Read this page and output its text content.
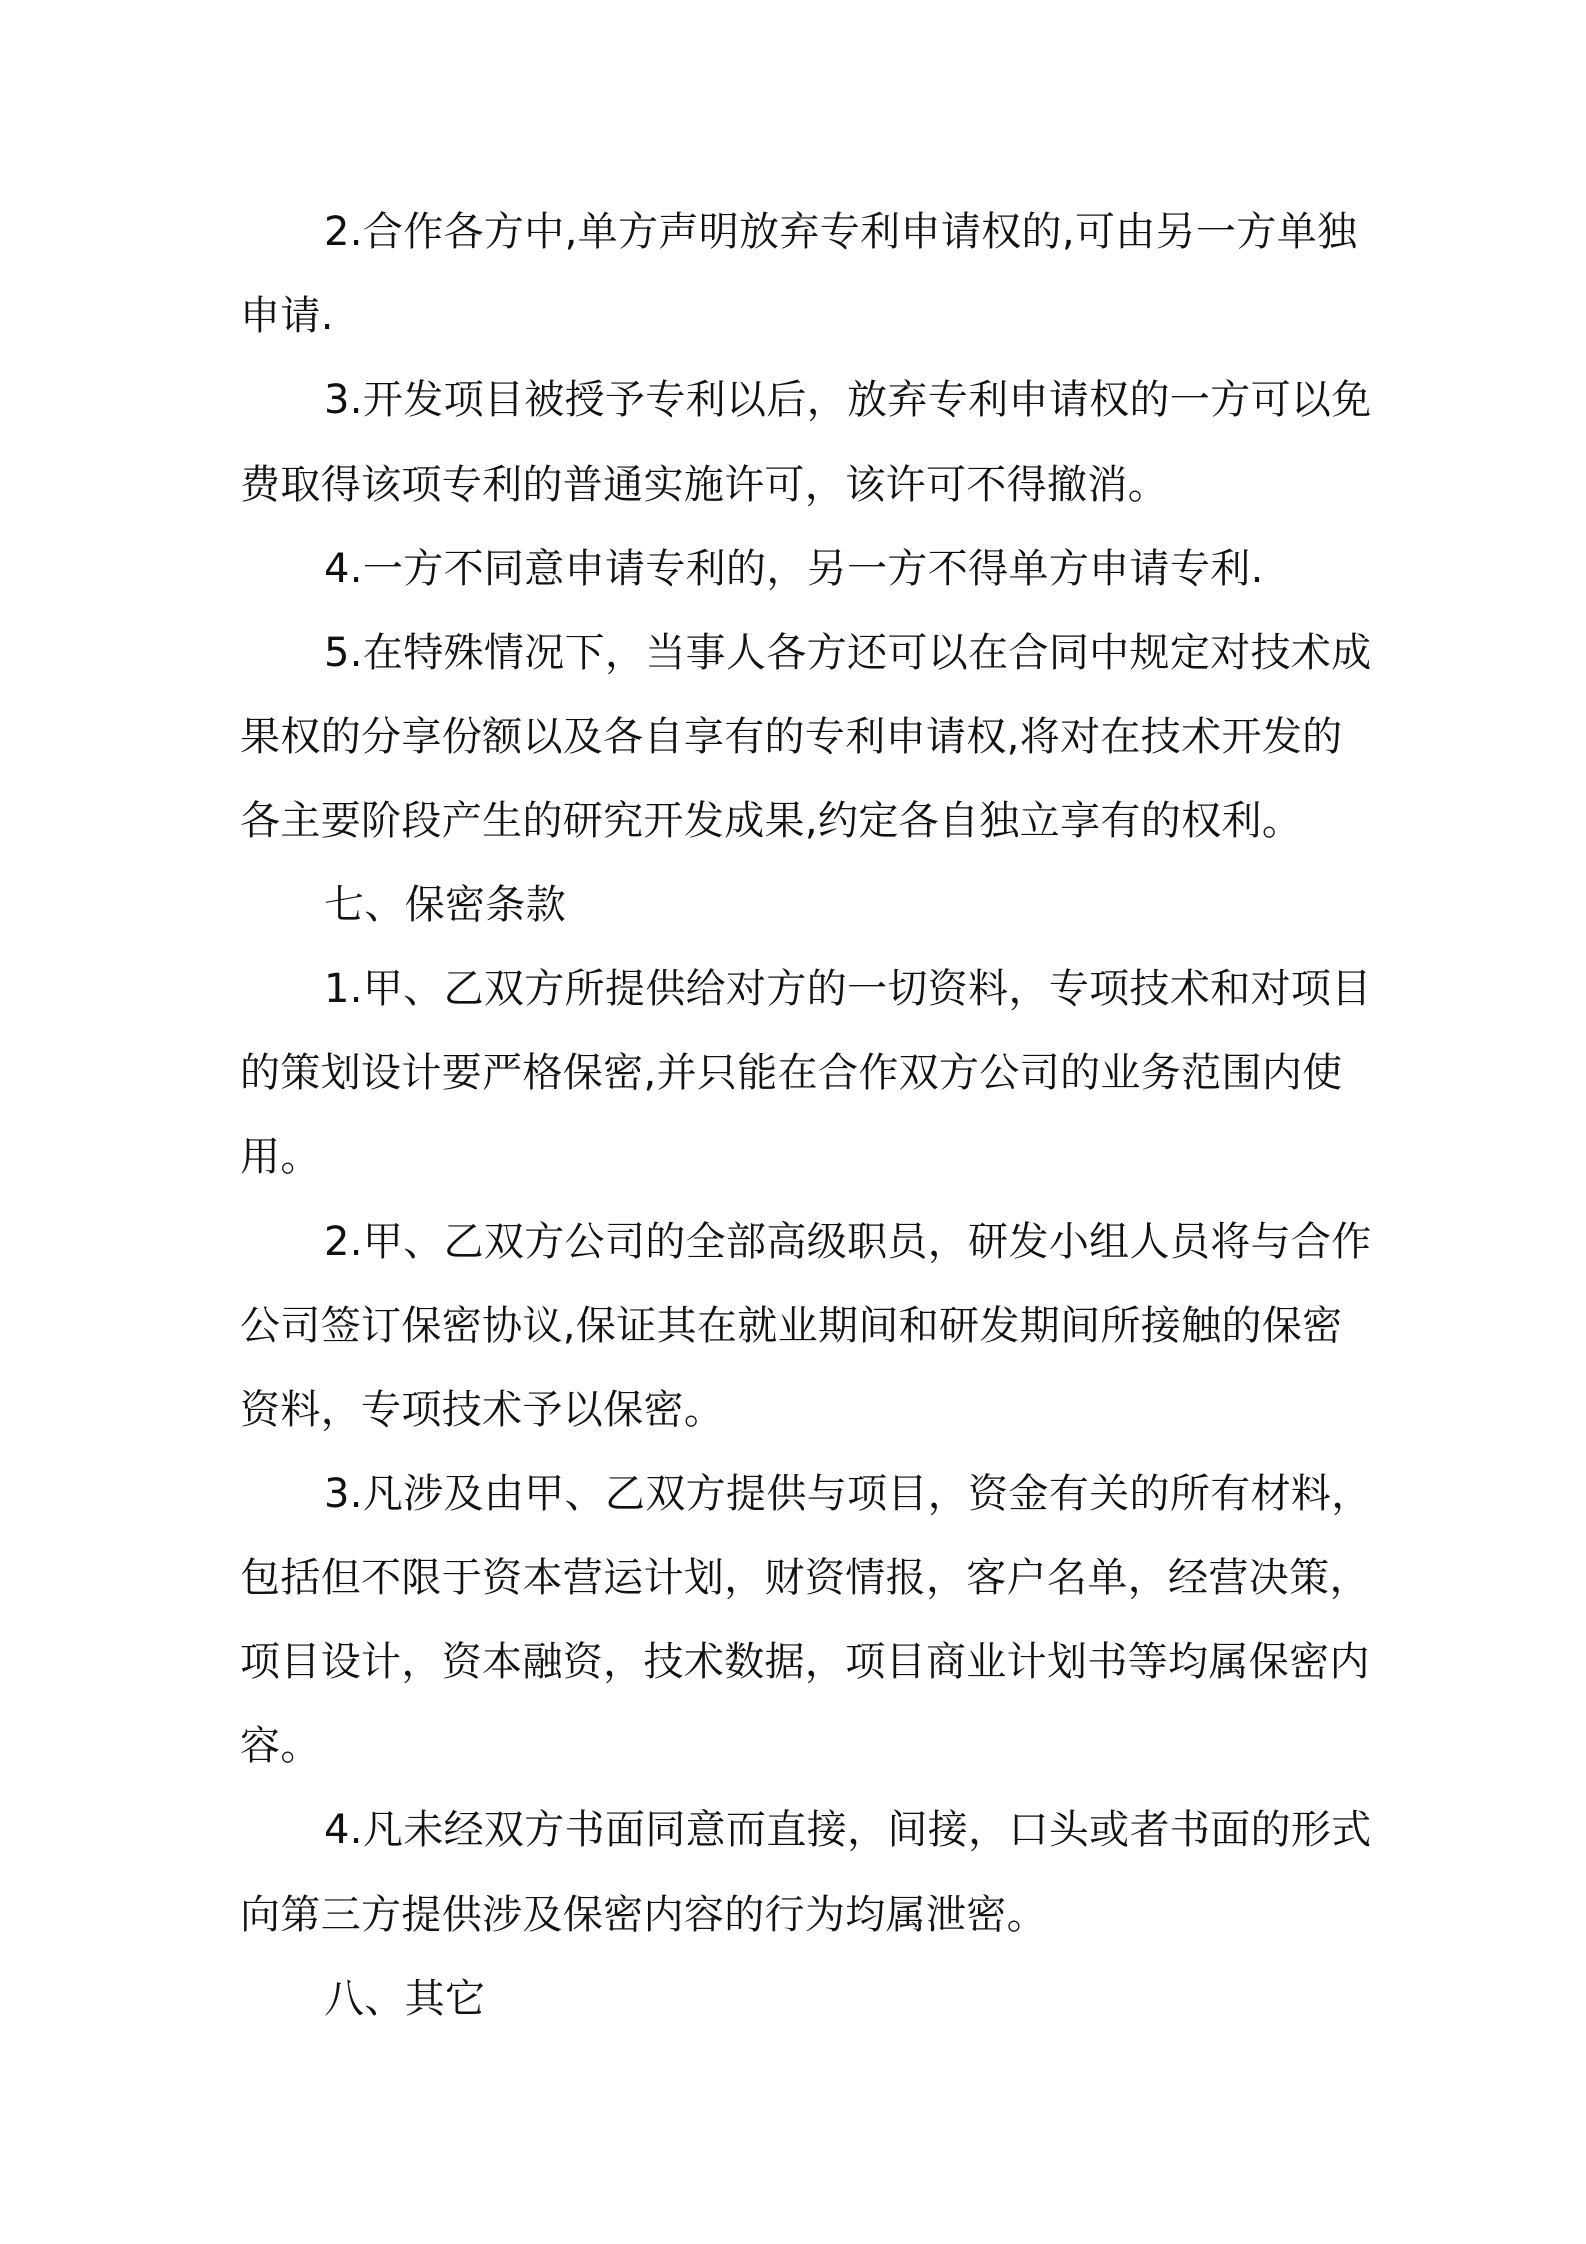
2.合作各方中,单方声明放弃专利申请权的,可由另一方单独
申请.
3.开发项目被授予专利以后，放弃专利申请权的一方可以免
费取得该项专利的普通实施许可，该许可不得撤消。
4.一方不同意申请专利的，另一方不得单方申请专利.
5.在特殊情况下，当事人各方还可以在合同中规定对技术成
果权的分享份额以及各自享有的专利申请权,将对在技术开发的
各主要阶段产生的研究开发成果,约定各自独立享有的权利。
七、保密条款
1.甲、乙双方所提供给对方的一切资料，专项技术和对项目
的策划设计要严格保密,并只能在合作双方公司的业务范围内使
用。
2.甲、乙双方公司的全部高级职员，研发小组人员将与合作
公司签订保密协议,保证其在就业期间和研发期间所接触的保密
资料，专项技术予以保密。
3.凡涉及由甲、乙双方提供与项目，资金有关的所有材料，
包括但不限于资本营运计划，财资情报，客户名单，经营决策，
项目设计，资本融资，技术数据，项目商业计划书等均属保密内
容。
4.凡未经双方书面同意而直接，间接，口头或者书面的形式
向第三方提供涉及保密内容的行为均属泄密。
八、其它
